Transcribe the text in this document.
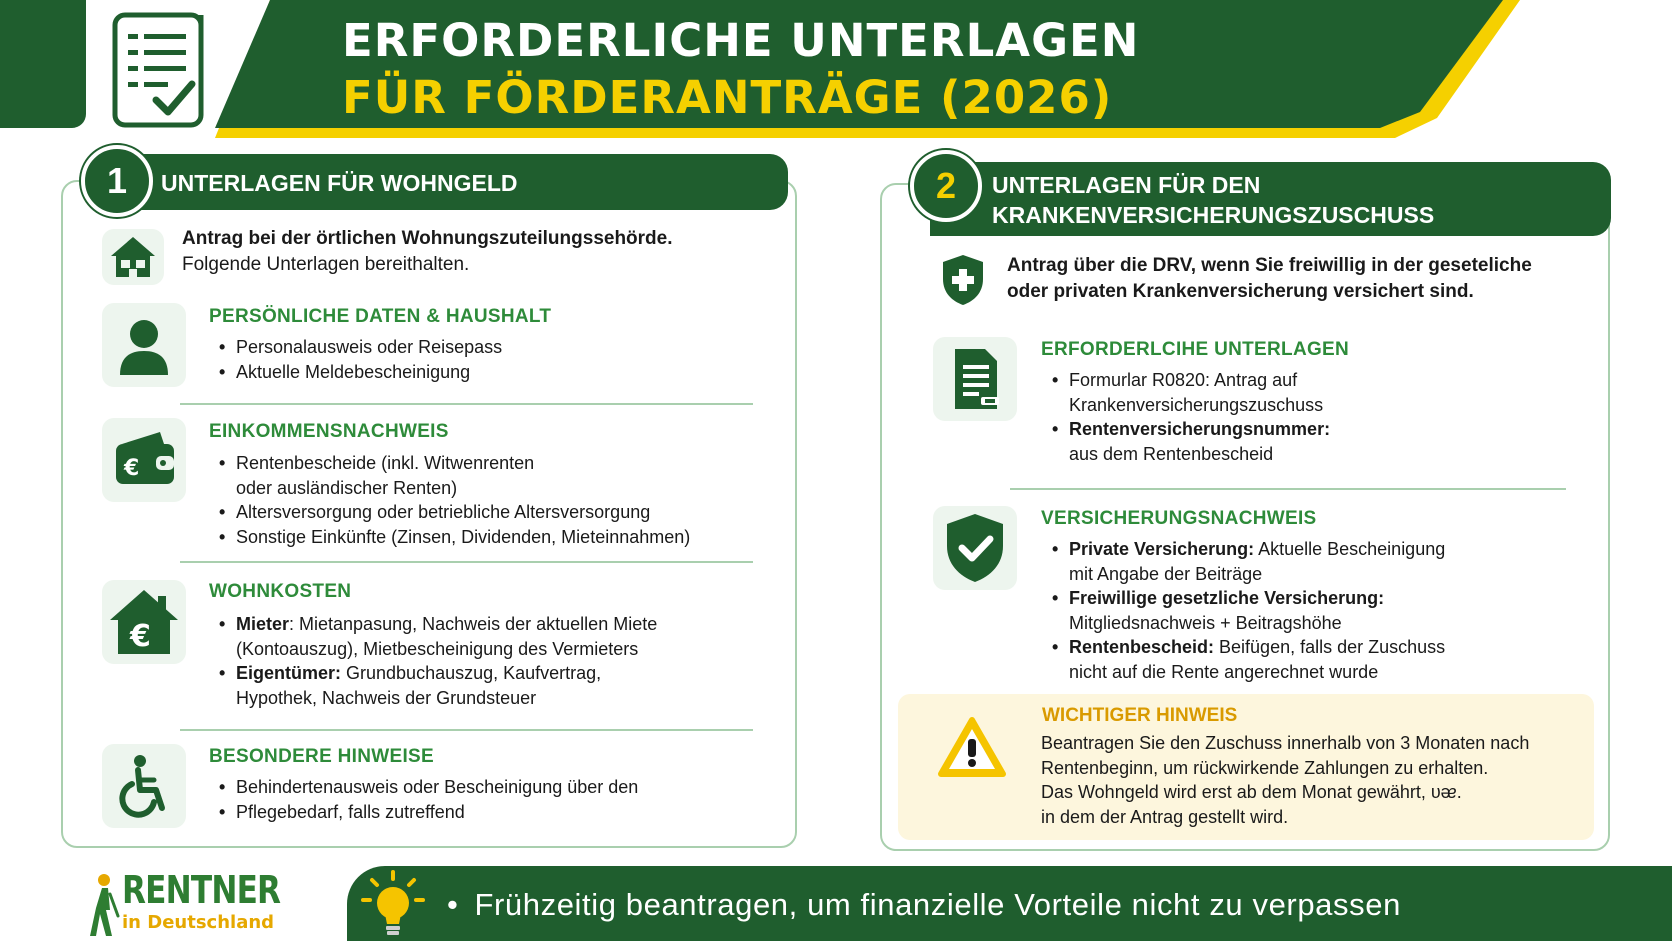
ERFORDERLICHE UNTERLAGEN
FÜR FÖRDERANTRÄGE (2026)
UNTERLAGEN FÜR WOHNGELD
1
Antrag bei der örtlichen Wohnungszuteilungssehörde.
Folgende Unterlagen bereithalten.
PERSÖNLICHE DATEN & HAUSHALT
• Personalausweis oder Reisepass
• Aktuelle Meldebescheinigung
€
EINKOMMENSNACHWEIS
• Rentenbescheide (inkl. Witwenrenten
oder ausländischer Renten)
• Altersversorgung oder betriebliche Altersversorgung
• Sonstige Einkünfte (Zinsen, Dividenden, Mieteinnahmen)
€
WOHNKOSTEN
• Mieter: Mietanpasung, Nachweis der aktuellen Miete
(Kontoauszug), Mietbescheinigung des Vermieters
• Eigentümer: Grundbuchauszug, Kaufvertrag,
Hypothek, Nachweis der Grundsteuer
BESONDERE HINWEISE
• Behindertenausweis oder Bescheinigung über den
• Pflegebedarf, falls zutreffend
UNTERLAGEN FÜR DEN
KRANKENVERSICHERUNGSZUSCHUSS
2
Antrag über die DRV, wenn Sie freiwillig in der geseteliche
oder privaten Krankenversicherung versichert sind.
ERFORDERLCIHE UNTERLAGEN
• Formurlar R0820: Antrag auf
Krankenversicherungszuschuss
• Rentenversicherungsnummer:
aus dem Rentenbescheid
VERSICHERUNGSNACHWEIS
• Private Versicherung: Aktuelle Bescheinigung
mit Angabe der Beiträge
• Freiwillige gesetzliche Versicherung:
Mitgliedsnachweis + Beitragshöhe
• Rentenbescheid: Beifügen, falls der Zuschuss
nicht auf die Rente angerechnet wurde
WICHTIGER HINWEIS
Beantragen Sie den Zuschuss innerhalb von 3 Monaten nach
Rentenbeginn, um rückwirkende Zahlungen zu erhalten.
Das Wohngeld wird erst ab dem Monat gewährt, ᴜᴂ.
in dem der Antrag gestellt wird.
RENTNER
in Deutschland
• Frühzeitig beantragen, um finanzielle Vorteile nicht zu verpassen
